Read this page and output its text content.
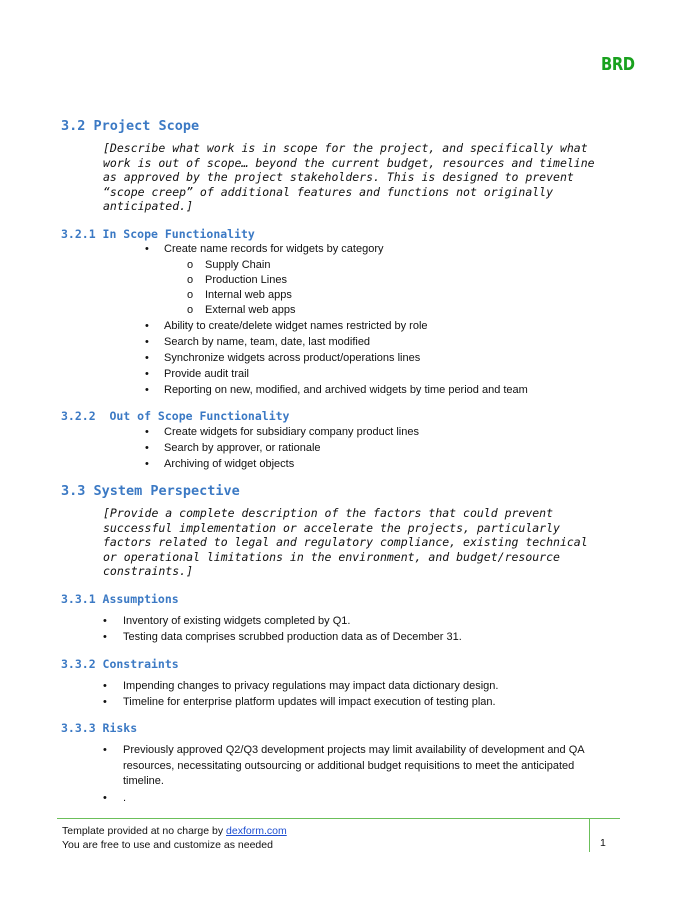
BRD
3.2 Project Scope
[Describe what work is in scope for the project, and specifically what
work is out of scope… beyond the current budget, resources and timeline
as approved by the project stakeholders. This is designed to prevent
“scope creep” of additional features and functions not originally
anticipated.]
3.2.1 In Scope Functionality
• Create name records for widgets by category
o Supply Chain
o Production Lines
o Internal web apps
o External web apps
• Ability to create/delete widget names restricted by role
• Search by name, team, date, last modified
• Synchronize widgets across product/operations lines
• Provide audit trail
• Reporting on new, modified, and archived widgets by time period and team
3.2.2  Out of Scope Functionality
• Create widgets for subsidiary company product lines
• Search by approver, or rationale
• Archiving of widget objects
3.3 System Perspective
[Provide a complete description of the factors that could prevent
successful implementation or accelerate the projects, particularly
factors related to legal and regulatory compliance, existing technical
or operational limitations in the environment, and budget/resource
constraints.]
3.3.1 Assumptions
• Inventory of existing widgets completed by Q1.
• Testing data comprises scrubbed production data as of December 31.
3.3.2 Constraints
• Impending changes to privacy regulations may impact data dictionary design.
• Timeline for enterprise platform updates will impact execution of testing plan.
3.3.3 Risks
• Previously approved Q2/Q3 development projects may limit availability of development and QA
resources, necessitating outsourcing or additional budget requisitions to meet the anticipated
timeline.
• .
Template provided at no charge by dexform.com
You are free to use and customize as needed	1
